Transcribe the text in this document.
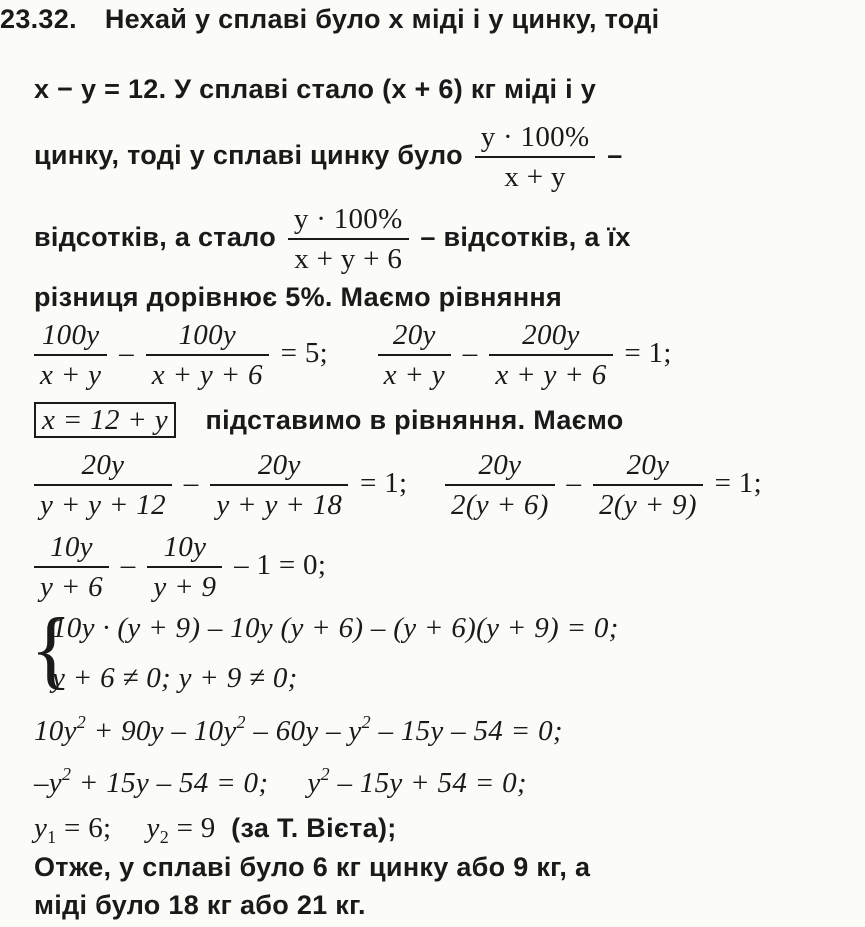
23.32. Нехай у сплаві було x міді і y цинку, тоді
x − y = 12. У сплаві стало (x + 6) кг міді і y
цинку, тоді у сплаві цинку було $\frac{y \cdot 100\%}{x + y}$ –
відсотків, а стало $\frac{y \cdot 100\%}{x + y + 6}$ – відсотків, а їх
різниця дорівнює 5%. Маємо рівняння
$\frac{100y}{x + y} - \frac{100y}{x + y + 6} = 5$; $\frac{20y}{x + y} - \frac{200y}{x + y + 6} = 1$;
x = 12 + y підставимо в рівняння. Маємо
$\frac{20y}{y + y + 12} - \frac{20y}{y + y + 18} = 1$; $\frac{20y}{2(y + 6)} - \frac{20y}{2(y + 9)} = 1$;
$\frac{10y}{y + 6} - \frac{10y}{y + 9} - 1 = 0$;
{
10y · (y + 9) – 10y (y + 6) – (y + 6)(y + 9) = 0;
y + 6 ≠ 0; y + 9 ≠ 0;
$10y^2 + 90y - 10y^2 - 60y - y^2 - 15y - 54 = 0$;
$-y^2 + 15y - 54 = 0$; $y^2 - 15y + 54 = 0$;
$y_1 = 6$; $y_2 = 9$ (за Т. Вієта);
Отже, у сплаві було 6 кг цинку або 9 кг, а
міді було 18 кг або 21 кг.
